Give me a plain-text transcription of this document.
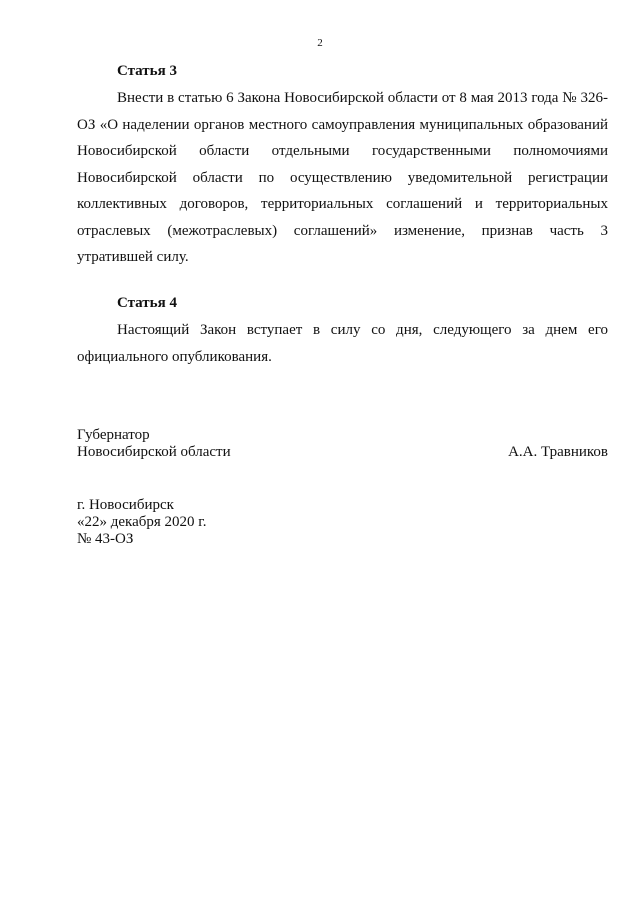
2
Статья 3
Внести в статью 6 Закона Новосибирской области от 8 мая 2013 года № 326-ОЗ «О наделении органов местного самоуправления муниципальных образований Новосибирской области отдельными государственными полномочиями Новосибирской области по осуществлению уведомительной регистрации коллективных договоров, территориальных соглашений и территориальных отраслевых (межотраслевых) соглашений» изменение, признав часть 3 утратившей силу.
Статья 4
Настоящий Закон вступает в силу со дня, следующего за днем его официального опубликования.
Губернатор
Новосибирской области	А.А. Травников
г. Новосибирск
«22» декабря 2020 г.
№ 43-ОЗ
